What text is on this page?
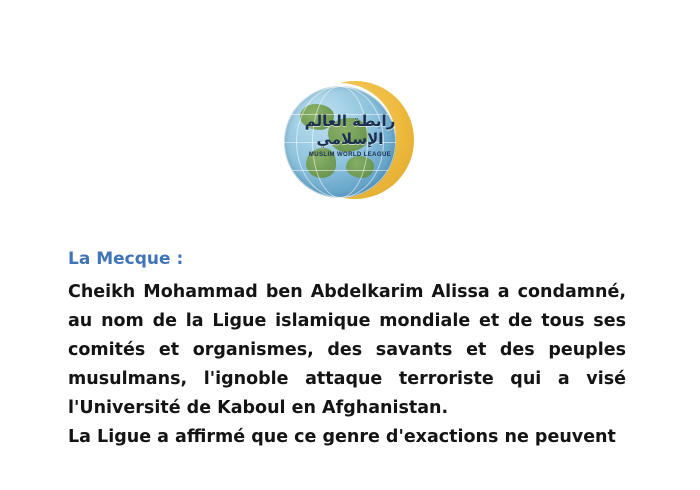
رابطة العالم الإسلامي
MUSLIM WORLD LEAGUE

La Mecque :

Cheikh Mohammad ben Abdelkarim Alissa a condamné, au nom de la Ligue islamique mondiale et de tous ses comités et organismes, des savants et des peuples musulmans, l'ignoble attaque terroriste qui a visé l'Université de Kaboul en Afghanistan.

La Ligue a affirmé que ce genre d'exactions ne peuvent
